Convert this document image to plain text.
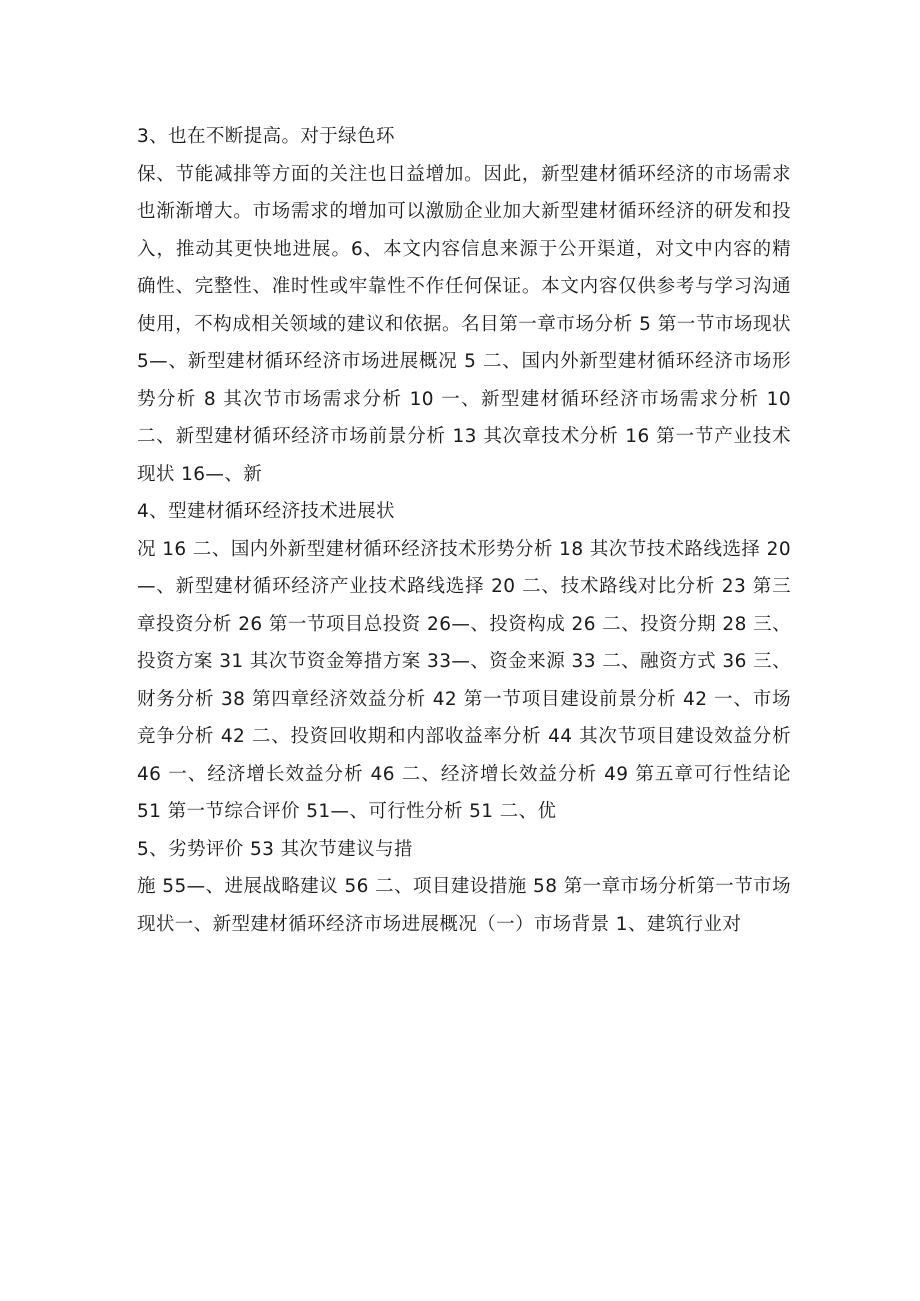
3、也在不断提高。对于绿色环
保、节能减排等方面的关注也日益增加。因此，新型建材循环经济的市场需求也渐渐增大。市场需求的增加可以激励企业加大新型建材循环经济的研发和投入，推动其更快地进展。6、本文内容信息来源于公开渠道，对文中内容的精确性、完整性、准时性或牢靠性不作任何保证。本文内容仅供参考与学习沟通使用，不构成相关领域的建议和依据。名目第一章市场分析 5 第一节市场现状 5—、新型建材循环经济市场进展概况 5 二、国内外新型建材循环经济市场形势分析 8 其次节市场需求分析 10 一、新型建材循环经济市场需求分析 10 二、新型建材循环经济市场前景分析 13 其次章技术分析 16 第一节产业技术现状 16—、新

4、型建材循环经济技术进展状
况 16 二、国内外新型建材循环经济技术形势分析 18 其次节技术路线选择 20—、新型建材循环经济产业技术路线选择 20 二、技术路线对比分析 23 第三章投资分析 26 第一节项目总投资 26—、投资构成 26 二、投资分期 28 三、投资方案 31 其次节资金筹措方案 33—、资金来源 33 二、融资方式 36 三、财务分析 38 第四章经济效益分析 42 第一节项目建设前景分析 42 一、市场竞争分析 42 二、投资回收期和内部收益率分析 44 其次节项目建设效益分析 46 一、经济增长效益分析 46 二、经济增长效益分析 49 第五章可行性结论 51 第一节综合评价 51—、可行性分析 51 二、优

5、劣势评价 53 其次节建议与措
施 55—、进展战略建议 56 二、项目建设措施 58 第一章市场分析第一节市场现状一、新型建材循环经济市场进展概况（一）市场背景 1、建筑行业对
